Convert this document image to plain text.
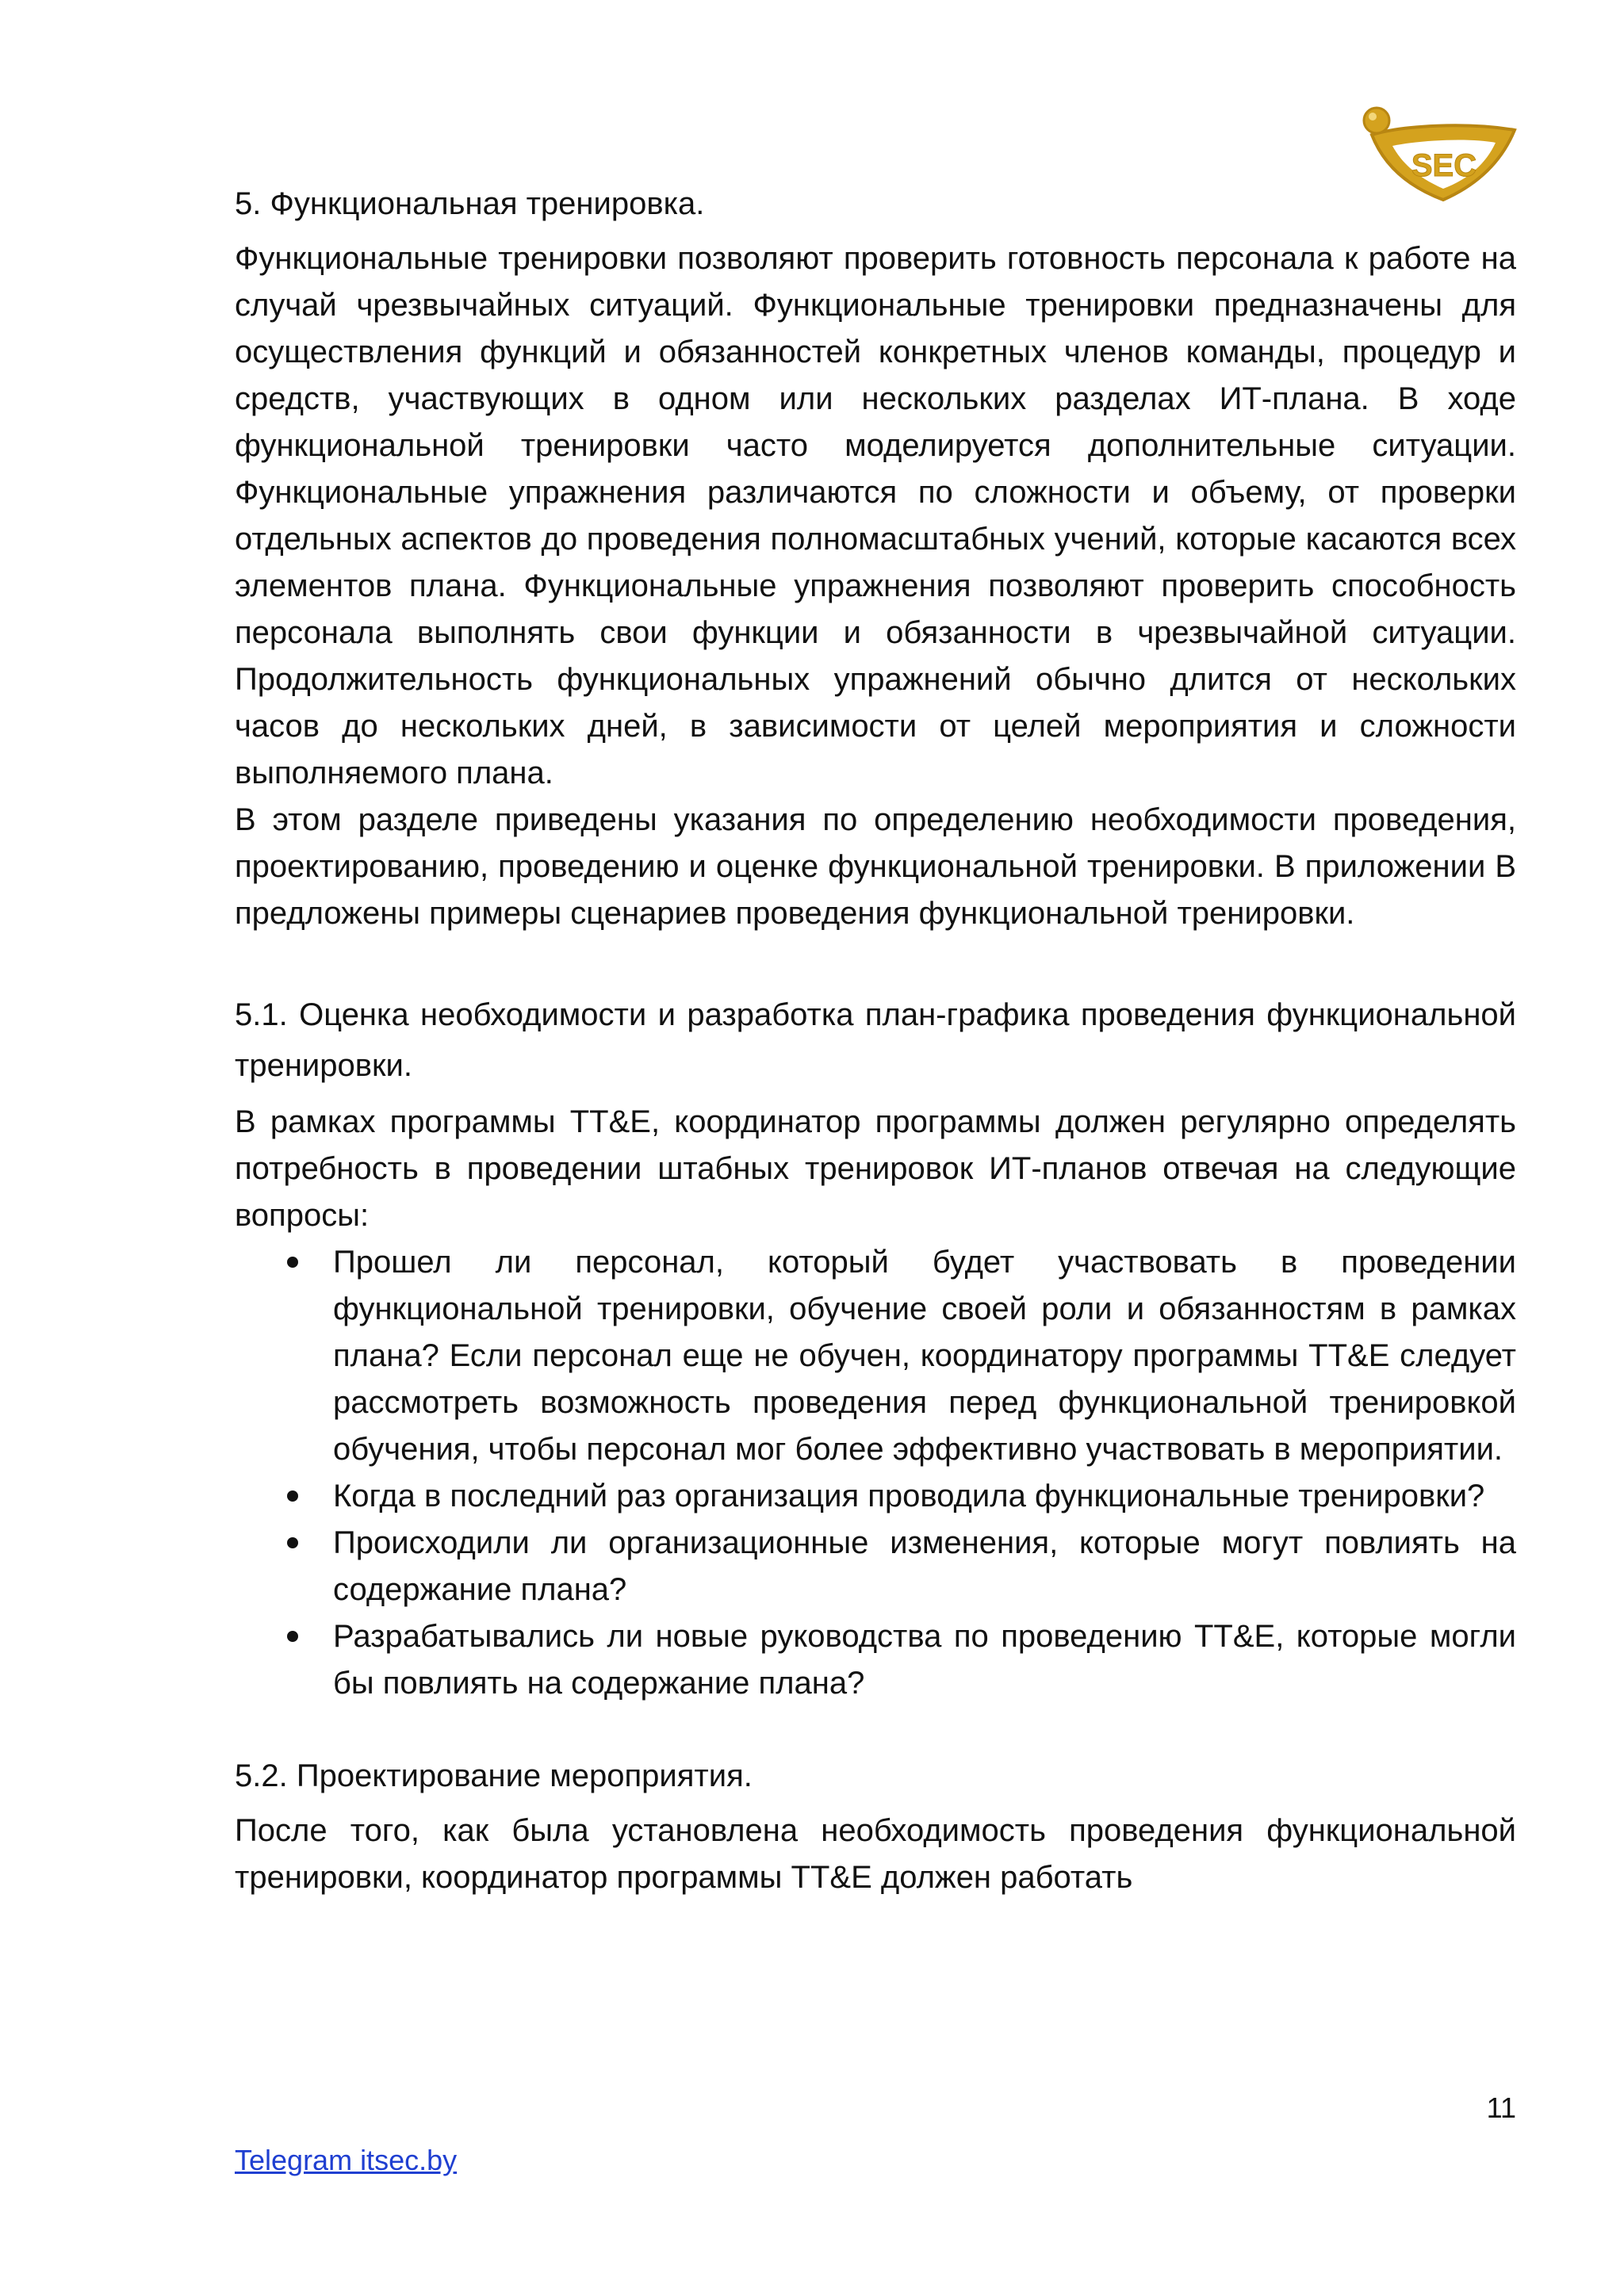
SEC

5. Функциональная тренировка.

Функциональные тренировки позволяют проверить готовность персонала к работе на случай чрезвычайных ситуаций. Функциональные тренировки предназначены для осуществления функций и обязанностей конкретных членов команды, процедур и средств, участвующих в одном или нескольких разделах ИТ-плана. В ходе функциональной тренировки часто моделируется дополнительные ситуации. Функциональные упражнения различаются по сложности и объему, от проверки отдельных аспектов до проведения полномасштабных учений, которые касаются всех элементов плана. Функциональные упражнения позволяют проверить способность персонала выполнять свои функции и обязанности в чрезвычайной ситуации. Продолжительность функциональных упражнений обычно длится от нескольких часов до нескольких дней, в зависимости от целей мероприятия и сложности выполняемого плана.

В этом разделе приведены указания по определению необходимости проведения, проектированию, проведению и оценке функциональной тренировки. В приложении В предложены примеры сценариев проведения функциональной тренировки.

5.1. Оценка необходимости и разработка план-графика проведения функциональной тренировки.

В рамках программы TT&E, координатор программы должен регулярно определять потребность в проведении штабных тренировок ИТ-планов отвечая на следующие вопросы:

Прошел ли персонал, который будет участвовать в проведении функциональной тренировки, обучение своей роли и обязанностям в рамках плана? Если персонал еще не обучен, координатору программы TT&E следует рассмотреть возможность проведения перед функциональной тренировкой обучения, чтобы персонал мог более эффективно участвовать в мероприятии.
Когда в последний раз организация проводила функциональные тренировки?
Происходили ли организационные изменения, которые могут повлиять на содержание плана?
Разрабатывались ли новые руководства по проведению TT&E, которые могли бы повлиять на содержание плана?

5.2. Проектирование мероприятия.

После того, как была установлена необходимость проведения функциональной тренировки, координатор программы TT&E должен работать

11
Telegram itsec.by
